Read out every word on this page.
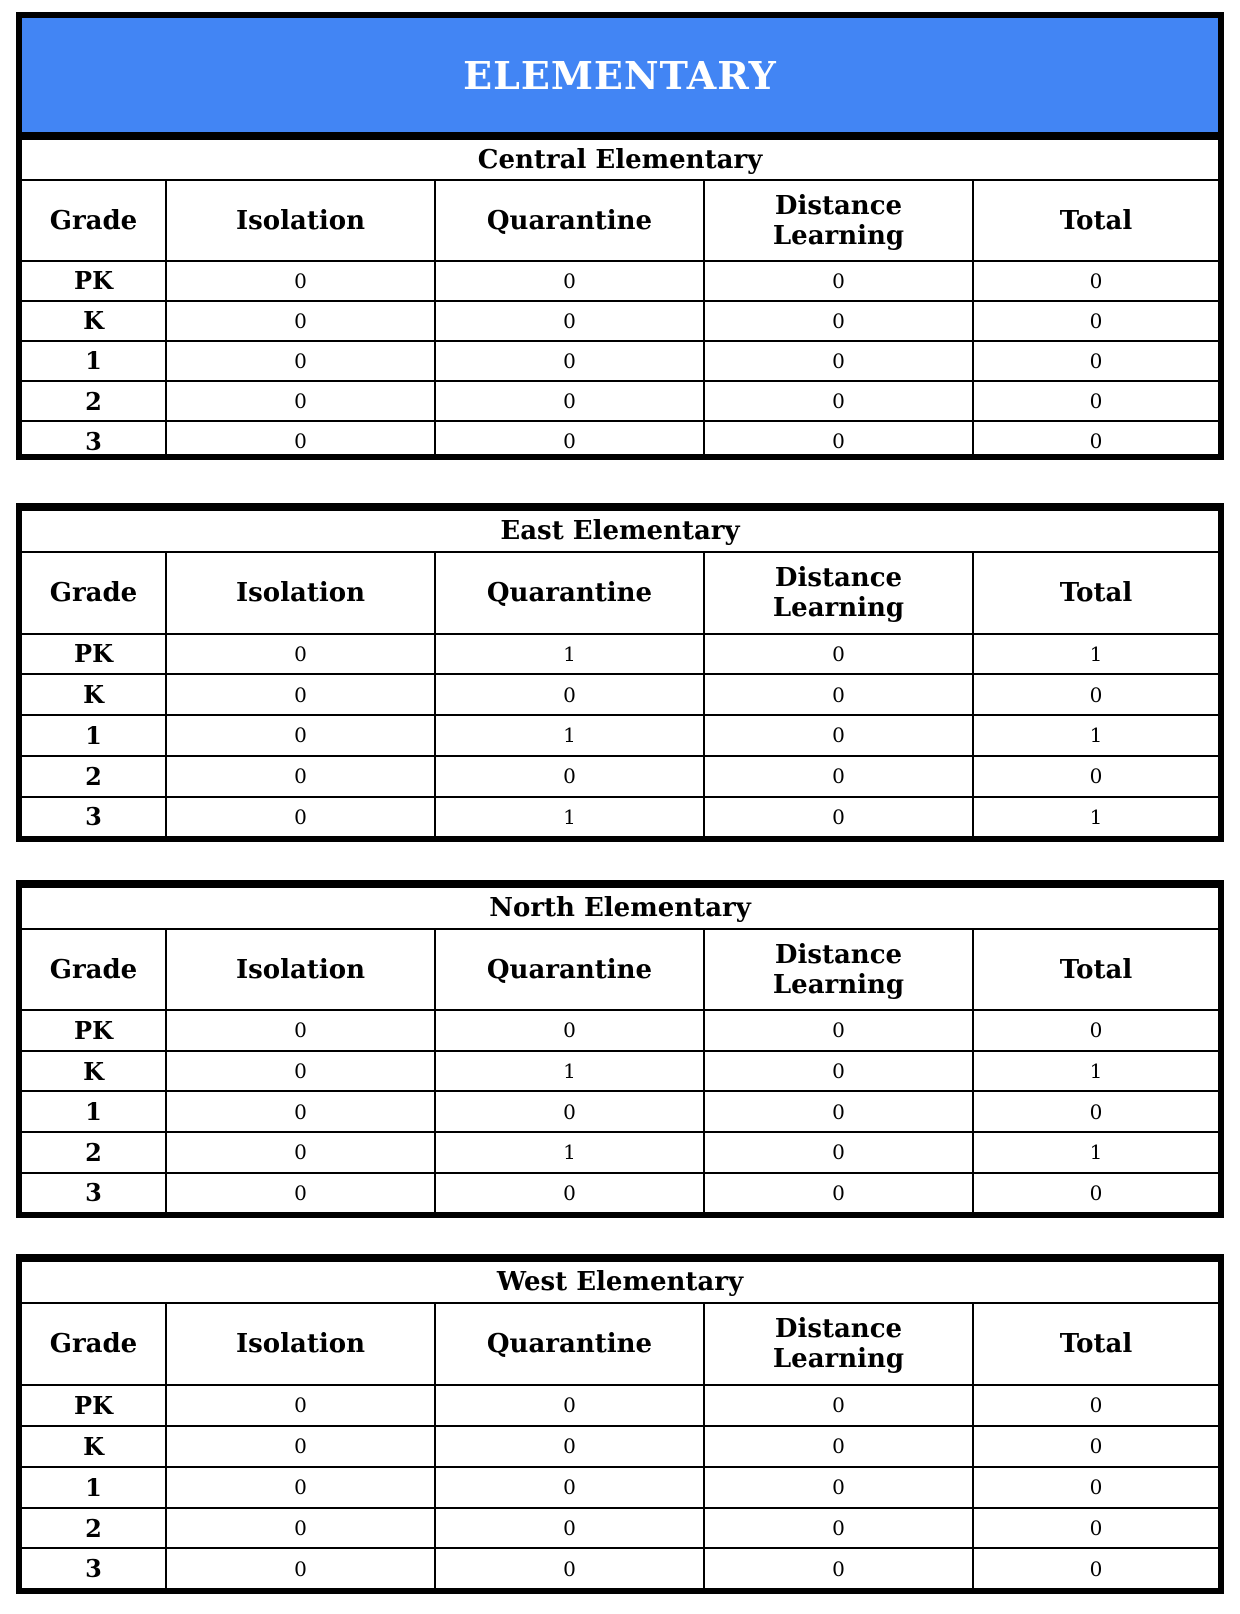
ELEMENTARY
Central Elementary				
Grade	Isolation	Quarantine	Distance Learning	Total
PK	0	0	0	0
K	0	0	0	0
1	0	0	0	0
2	0	0	0	0
3	0	0	0	0
East Elementary				
Grade	Isolation	Quarantine	Distance Learning	Total
PK	0	1	0	1
K	0	0	0	0
1	0	1	0	1
2	0	0	0	0
3	0	1	0	1
North Elementary				
Grade	Isolation	Quarantine	Distance Learning	Total
PK	0	0	0	0
K	0	1	0	1
1	0	0	0	0
2	0	1	0	1
3	0	0	0	0
West Elementary				
Grade	Isolation	Quarantine	Distance Learning	Total
PK	0	0	0	0
K	0	0	0	0
1	0	0	0	0
2	0	0	0	0
3	0	0	0	0
